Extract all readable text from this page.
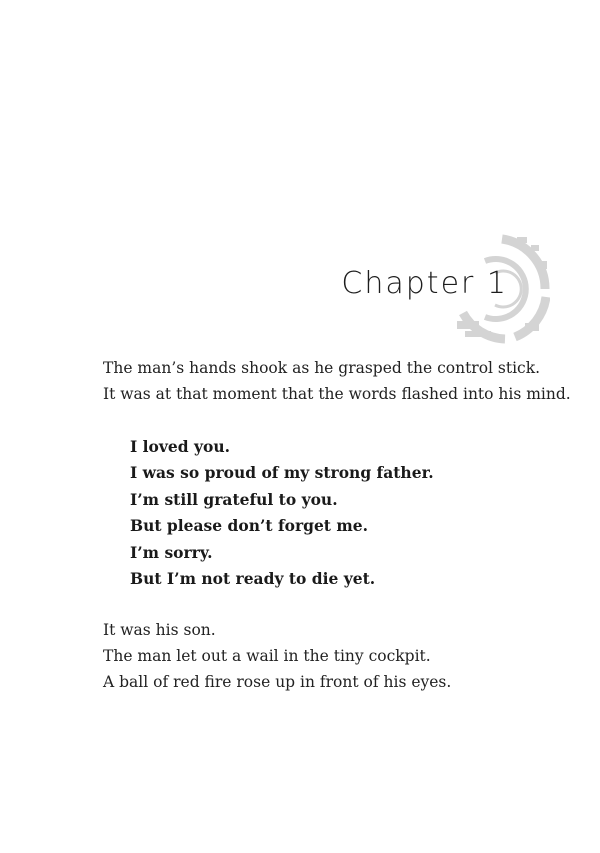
Chapter 1

The man’s hands shook as he grasped the control stick.

It was at that moment that the words flashed into his mind.

I loved you.

I was so proud of my strong father.

I’m still grateful to you.

But please don’t forget me.

I’m sorry.

But I’m not ready to die yet.

It was his son.

The man let out a wail in the tiny cockpit.

A ball of red fire rose up in front of his eyes.
